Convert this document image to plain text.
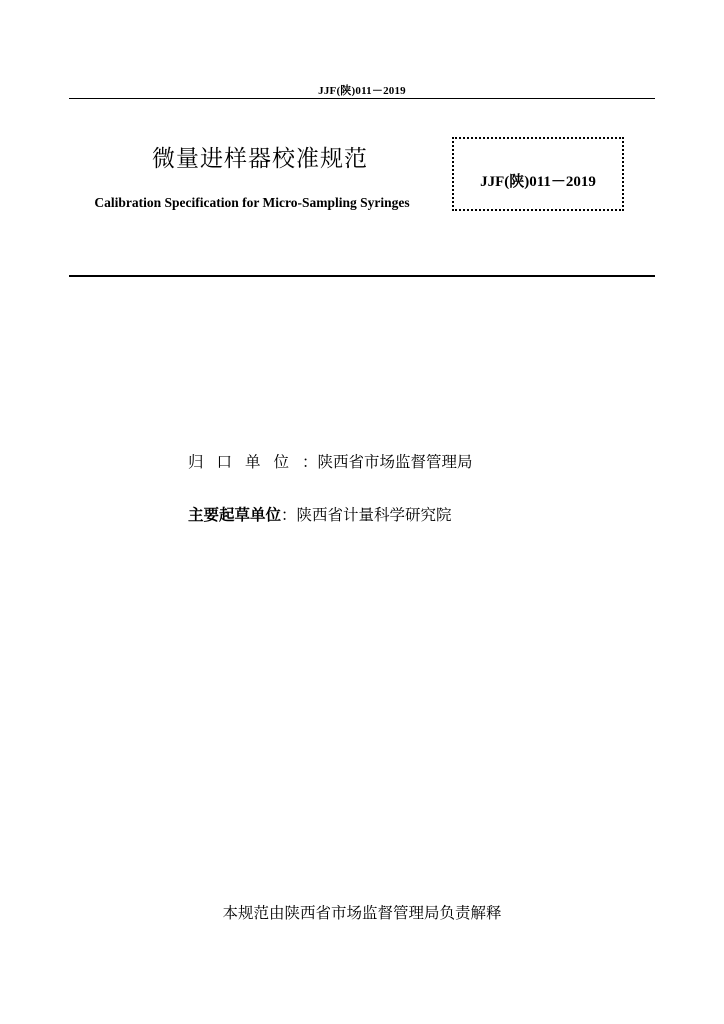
JJF(陕)011－2019
微量进样器校准规范
Calibration Specification for Micro-Sampling Syringes
JJF(陕)011－2019
归口单位：陕西省市场监督管理局
主要起草单位：陕西省计量科学研究院
本规范由陕西省市场监督管理局负责解释
